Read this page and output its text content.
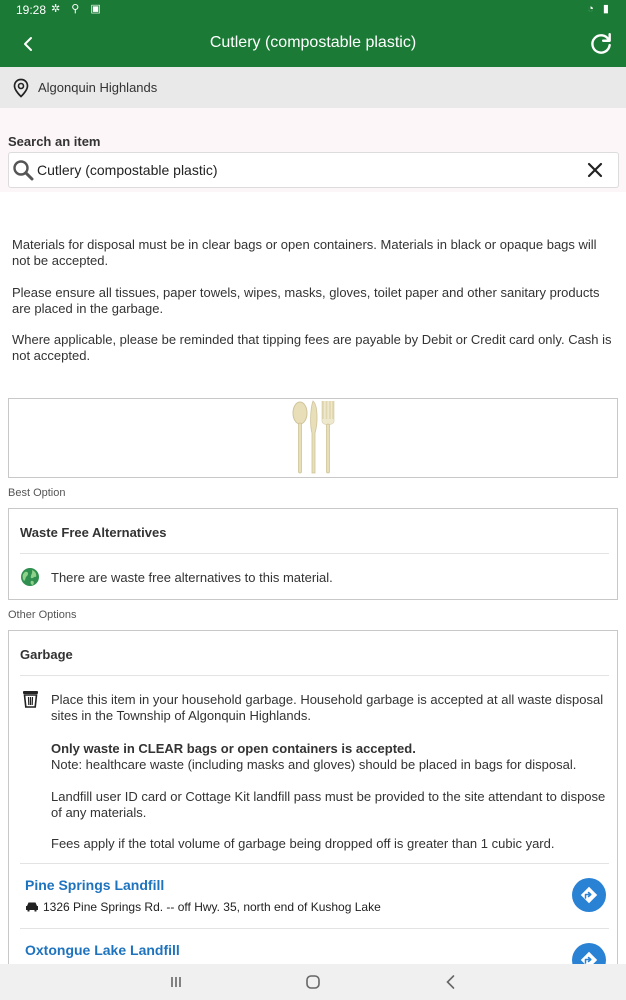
19:28 ✲ ⚲ ▣	◔ ▮
Cutlery (compostable plastic)
Algonquin Highlands
Search an item
Cutlery (compostable plastic)

Materials for disposal must be in clear bags or open containers. Materials in black or opaque bags will not be accepted.

Please ensure all tissues, paper towels, wipes, masks, gloves, toilet paper and other sanitary products are placed in the garbage.

Where applicable, please be reminded that tipping fees are payable by Debit or Credit card only. Cash is not accepted.

Best Option
Waste Free Alternatives
There are waste free alternatives to this material.
Other Options
Garbage

Place this item in your household garbage. Household garbage is accepted at all waste disposal sites in the Township of Algonquin Highlands.

Only waste in CLEAR bags or open containers is accepted.

Note: healthcare waste (including masks and gloves) should be placed in bags for disposal.

Landfill user ID card or Cottage Kit landfill pass must be provided to the site attendant to dispose of any materials.

Fees apply if the total volume of garbage being dropped off is greater than 1 cubic yard.

Pine Springs Landfill
1326 Pine Springs Rd. -- off Hwy. 35, north end of Kushog Lake
Oxtongue Lake Landfill
